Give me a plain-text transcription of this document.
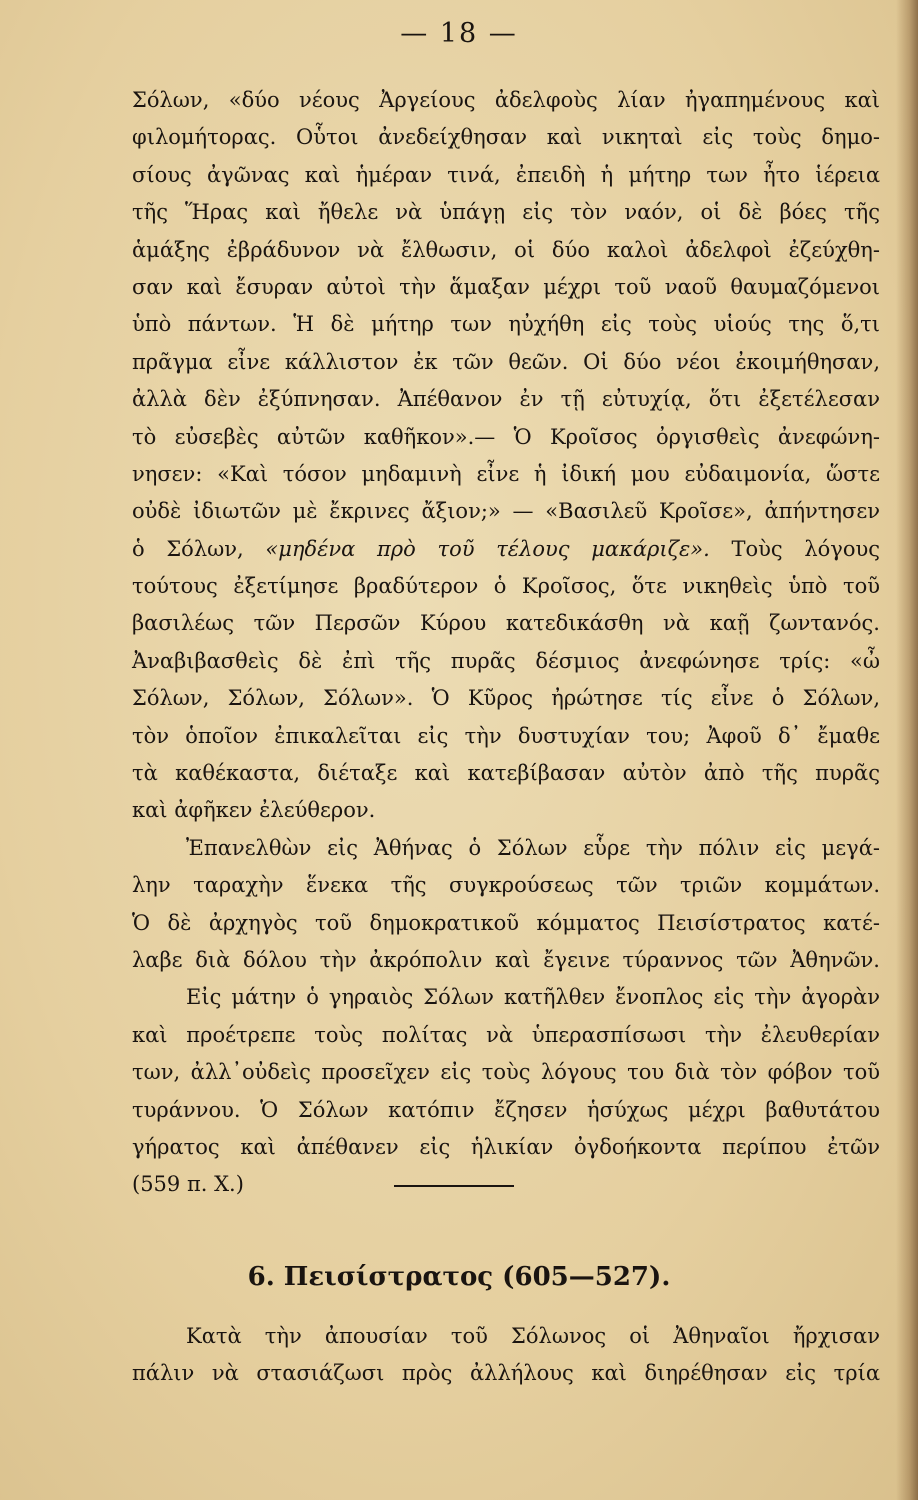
— 18 —
Σόλων, «δύο νέους Ἀργείους ἀδελφοὺς λίαν ἠγαπημένους καὶ
φιλομήτορας. Οὗτοι ἀνεδείχθησαν καὶ νικηταὶ εἰς τοὺς δημο-
σίους ἀγῶνας καὶ ἡμέραν τινά, ἐπειδὴ ἡ μήτηρ των ἦτο ἱέρεια
τῆς Ἥρας καὶ ἤθελε νὰ ὑπάγῃ εἰς τὸν ναόν, οἱ δὲ βόες τῆς
ἁμάξης ἐβράδυνον νὰ ἔλθωσιν, οἱ δύο καλοὶ ἀδελφοὶ ἐζεύχθη-
σαν καὶ ἔσυραν αὐτοὶ τὴν ἅμαξαν μέχρι τοῦ ναοῦ θαυμαζόμενοι
ὑπὸ πάντων. Ἡ δὲ μήτηρ των ηὐχήθη εἰς τοὺς υἱούς της ὅ,τι
πρᾶγμα εἶνε κάλλιστον ἐκ τῶν θεῶν. Οἱ δύο νέοι ἐκοιμήθησαν,
ἀλλὰ δὲν ἐξύπνησαν. Ἀπέθανον ἐν τῇ εὐτυχίᾳ, ὅτι ἐξετέλεσαν
τὸ εὐσεβὲς αὐτῶν καθῆκον».— Ὁ Κροῖσος ὀργισθεὶς ἀνεφώνη-
νησεν: «Καὶ τόσον μηδαμινὴ εἶνε ἡ ἰδική μου εὐδαιμονία, ὥστε
οὐδὲ ἰδιωτῶν μὲ ἔκρινες ἄξιον;» — «Βασιλεῦ Κροῖσε», ἀπήντησεν
ὁ Σόλων, «μηδένα πρὸ τοῦ τέλους μακάριζε». Τοὺς λόγους
τούτους ἐξετίμησε βραδύτερον ὁ Κροῖσος, ὅτε νικηθεὶς ὑπὸ τοῦ
βασιλέως τῶν Περσῶν Κύρου κατεδικάσθη νὰ καῇ ζωντανός.
Ἀναβιβασθεὶς δὲ ἐπὶ τῆς πυρᾶς δέσμιος ἀνεφώνησε τρίς: «ὦ
Σόλων, Σόλων, Σόλων». Ὁ Κῦρος ἠρώτησε τίς εἶνε ὁ Σόλων,
τὸν ὁποῖον ἐπικαλεῖται εἰς τὴν δυστυχίαν του; Ἀφοῦ δ᾽ ἔμαθε
τὰ καθέκαστα, διέταξε καὶ κατεβίβασαν αὐτὸν ἀπὸ τῆς πυρᾶς
καὶ ἀφῆκεν ἐλεύθερον.
Ἐπανελθὼν εἰς Ἀθήνας ὁ Σόλων εὗρε τὴν πόλιν εἰς μεγά-
λην ταραχὴν ἕνεκα τῆς συγκρούσεως τῶν τριῶν κομμάτων.
Ὁ δὲ ἀρχηγὸς τοῦ δημοκρατικοῦ κόμματος Πεισίστρατος κατέ-
λαβε διὰ δόλου τὴν ἀκρόπολιν καὶ ἔγεινε τύραννος τῶν Ἀθηνῶν.
Εἰς μάτην ὁ γηραιὸς Σόλων κατῆλθεν ἔνοπλος εἰς τὴν ἀγορὰν
καὶ προέτρεπε τοὺς πολίτας νὰ ὑπερασπίσωσι τὴν ἐλευθερίαν
των, ἀλλ᾽οὐδεὶς προσεῖχεν εἰς τοὺς λόγους του διὰ τὸν φόβον τοῦ
τυράννου. Ὁ Σόλων κατόπιν ἔζησεν ἡσύχως μέχρι βαθυτάτου
γήρατος καὶ ἀπέθανεν εἰς ἡλικίαν ὀγδοήκοντα περίπου ἐτῶν
(559 π. Χ.)
6. Πεισίστρατος (605—527).
Κατὰ τὴν ἀπουσίαν τοῦ Σόλωνος οἱ Ἀθηναῖοι ἤρχισαν
πάλιν νὰ στασιάζωσι πρὸς ἀλλήλους καὶ διηρέθησαν εἰς τρία
